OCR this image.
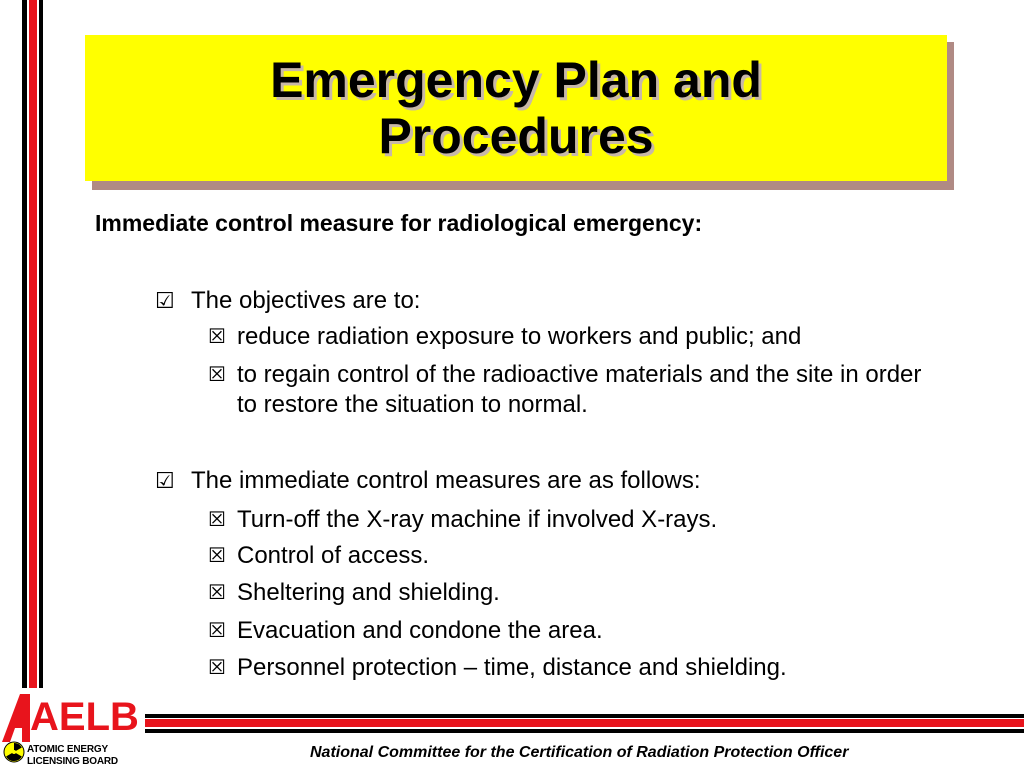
Emergency Plan and
Procedures
Immediate control measure for radiological emergency:
☑ The objectives are to:
☒ reduce radiation exposure to workers and public; and
☒ to regain control of the radioactive materials and the site in order to restore the situation to normal.
☑ The immediate control measures are as follows:
☒ Turn-off the X-ray machine if involved X-rays.
☒ Control of access.
☒ Sheltering and shielding.
☒ Evacuation and condone the area.
☒ Personnel protection – time, distance and shielding.
AELB
ATOMIC ENERGY
LICENSING BOARD
National Committee for the Certification of Radiation Protection Officer
